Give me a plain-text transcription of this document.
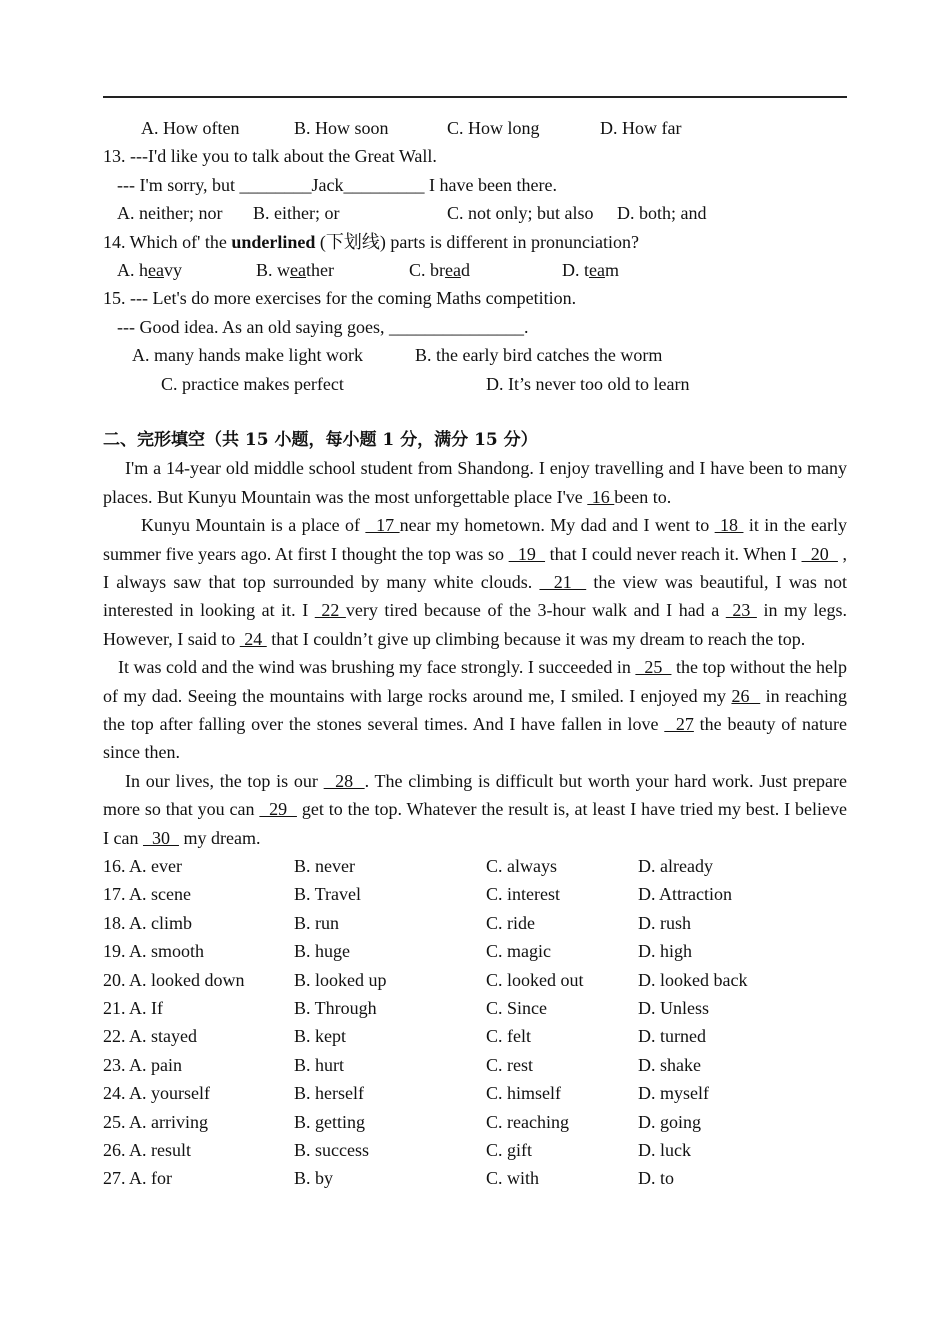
A. How often	B. How soon	C. How long	D. How far
13. ---I'd like you to talk about the Great Wall.
--- I'm sorry, but ________Jack_________ I have been there.
A. neither; nor B. either; or	C. not only; but also D. both; and
14. Which of' the underlined (下划线) parts is different in pronunciation?
A. heavy	B. weather	C. bread	D. team
15. --- Let's do more exercises for the coming Maths competition.
--- Good idea. As an old saying goes, _______________.
A. many hands make light work	B. the early bird catches the worm
C. practice makes perfect	D. It’s never too old to learn
二、完形填空（共 15 小题，每小题 1 分，满分 15 分）

I'm a 14-year old middle school student from Shandong. I enjoy travelling and I have been to many places. But Kunyu Mountain was the most unforgettable place I've  16 been to.

Kunyu Mountain is a place of   17 near my hometown. My dad and I went to  18  it in the early summer five years ago. At first I thought the top was so   19   that I could never reach it. When I   20   , I always saw that top surrounded by many white clouds.   21   the view was beautiful, I was not interested in looking at it. I  22 very tired because of the 3-hour walk and I had a  23  in my legs. However, I said to  24  that I couldn’t give up climbing because it was my dream to reach the top.

It was cold and the wind was brushing my face strongly. I succeeded in   25   the top without the help of my dad. Seeing the mountains with large rocks around me, I smiled. I enjoyed my 26   in reaching the top after falling over the stones several times. And I have fallen in love   27 the beauty of nature since then.

In our lives, the top is our   28  . The climbing is difficult but worth your hard work. Just prepare more so that you can   29   get to the top. Whatever the result is, at least I have tried my best. I believe I can   30   my dream.

16. A. ever	B. never	C. always	D. already
17. A. scene	B. Travel	C. interest	D. Attraction
18. A. climb	B. run	C. ride	D. rush
19. A. smooth	B. huge	C. magic	D. high
20. A. looked down	B. looked up	C. looked out	D. looked back
21. A. If	B. Through	C. Since	D. Unless
22. A. stayed	B. kept	C. felt	D. turned
23. A. pain	B. hurt	C. rest	D. shake
24. A. yourself	B. herself	C. himself	D. myself
25. A. arriving	B. getting	C. reaching	D. going
26. A. result	B. success	C. gift	D. luck
27. A. for	B. by	C. with	D. to
